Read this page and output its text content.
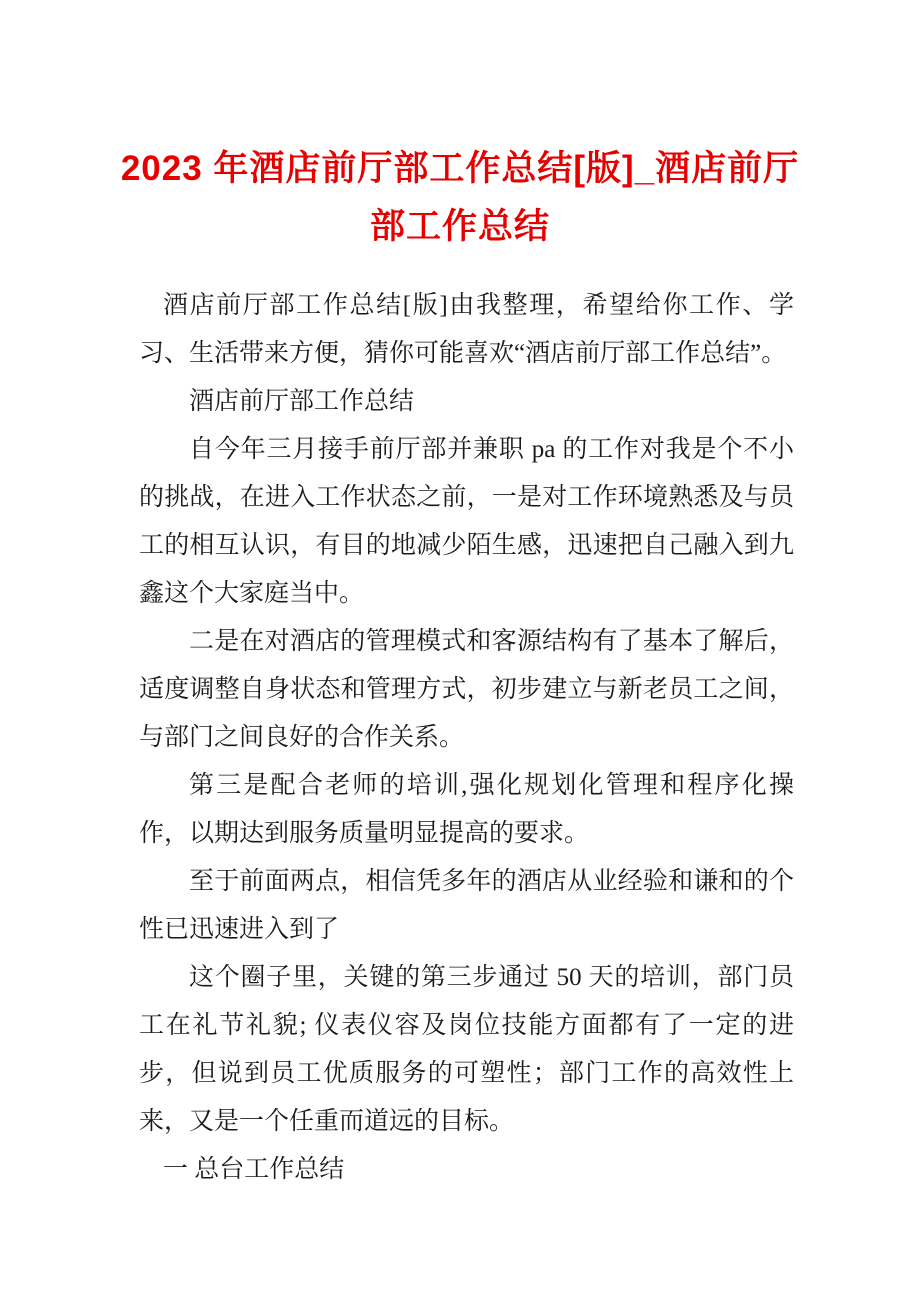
2023 年酒店前厅部工作总结[版]_酒店前厅
部工作总结

酒店前厅部工作总结[版]由我整理，希望给你工作、学习、生活带来方便，猜你可能喜欢“酒店前厅部工作总结”。

酒店前厅部工作总结

自今年三月接手前厅部并兼职 pa 的工作对我是个不小的挑战，在进入工作状态之前，一是对工作环境熟悉及与员工的相互认识，有目的地减少陌生感，迅速把自己融入到九鑫这个大家庭当中。

二是在对酒店的管理模式和客源结构有了基本了解后，适度调整自身状态和管理方式，初步建立与新老员工之间，与部门之间良好的合作关系。

第三是配合老师的培训,强化规划化管理和程序化操作，以期达到服务质量明显提高的要求。

至于前面两点，相信凭多年的酒店从业经验和谦和的个性已迅速进入到了

这个圈子里，关键的第三步通过 50 天的培训，部门员工在礼节礼貌; 仪表仪容及岗位技能方面都有了一定的进步，但说到员工优质服务的可塑性；部门工作的高效性上来，又是一个任重而道远的目标。

一 总台工作总结
